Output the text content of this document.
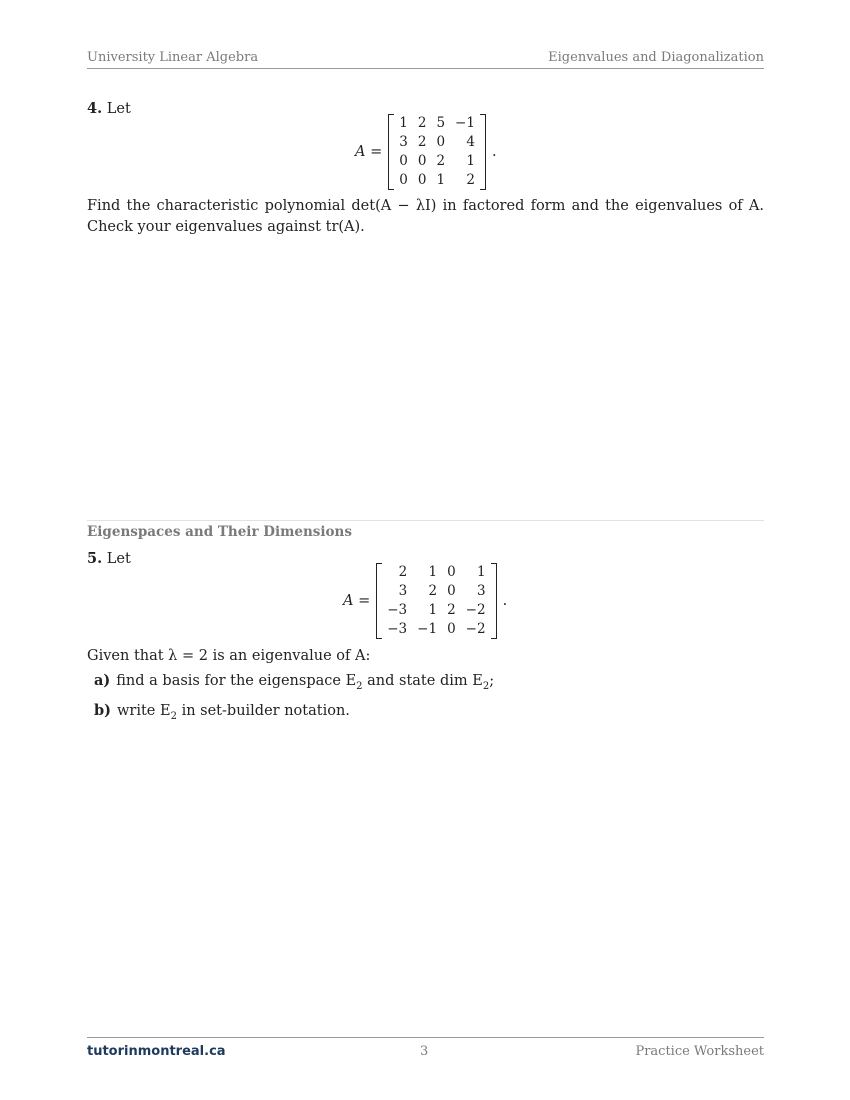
University Linear Algebra	Eigenvalues and Diagonalization
4. Let
A =
1	2	5	−1
3	2	0	4
0	0	2	1
0	0	1	2
.
Find the characteristic polynomial det(A − λI) in factored form and the eigenvalues of A. Check your eigenvalues against tr(A).
Eigenspaces and Their Dimensions
5. Let
A =
2	1	0	1
3	2	0	3
−3	1	2	−2
−3	−1	0	−2
.
Given that λ = 2 is an eigenvalue of A:
a) find a basis for the eigenspace $E_2$ and state dim $E_2$;
b) write $E_2$ in set-builder notation.
tutorinmontreal.ca	3	Practice Worksheet
